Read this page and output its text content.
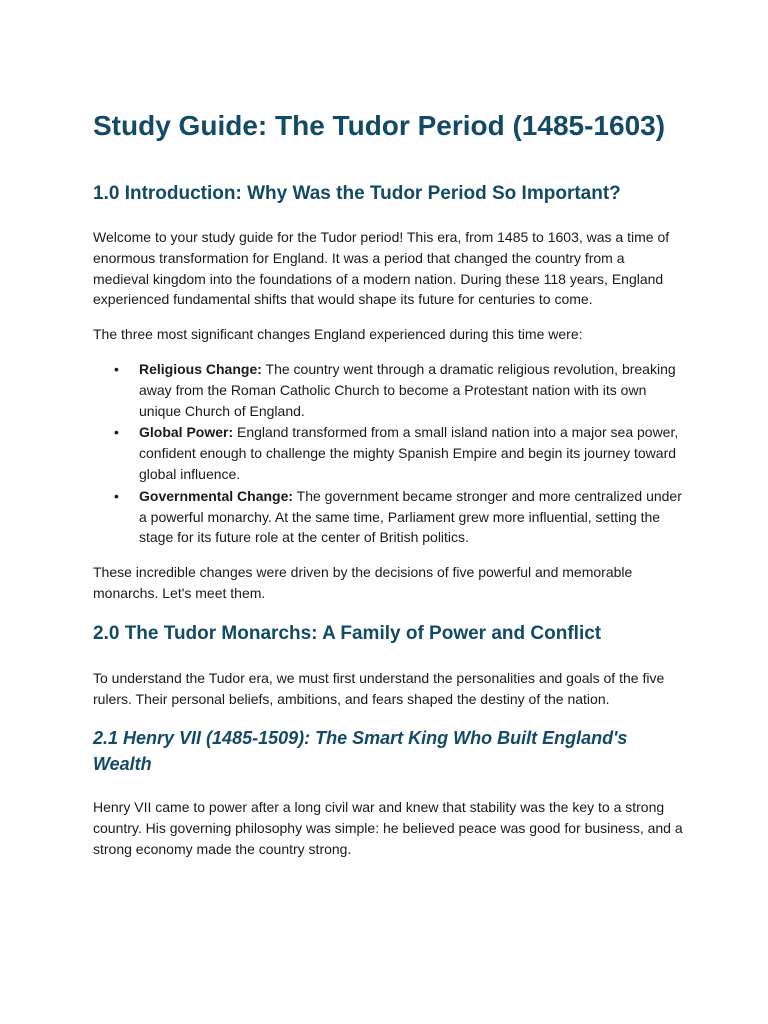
Study Guide: The Tudor Period (1485-1603)
1.0 Introduction: Why Was the Tudor Period So Important?

Welcome to your study guide for the Tudor period! This era, from 1485 to 1603, was a time of enormous transformation for England. It was a period that changed the country from a medieval kingdom into the foundations of a modern nation. During these 118 years, England experienced fundamental shifts that would shape its future for centuries to come.

The three most significant changes England experienced during this time were:

• Religious Change: The country went through a dramatic religious revolution, breaking away from the Roman Catholic Church to become a Protestant nation with its own unique Church of England.
• Global Power: England transformed from a small island nation into a major sea power, confident enough to challenge the mighty Spanish Empire and begin its journey toward global influence.
• Governmental Change: The government became stronger and more centralized under a powerful monarchy. At the same time, Parliament grew more influential, setting the stage for its future role at the center of British politics.

These incredible changes were driven by the decisions of five powerful and memorable monarchs. Let's meet them.

2.0 The Tudor Monarchs: A Family of Power and Conflict

To understand the Tudor era, we must first understand the personalities and goals of the five rulers. Their personal beliefs, ambitions, and fears shaped the destiny of the nation.

2.1 Henry VII (1485-1509): The Smart King Who Built England's Wealth

Henry VII came to power after a long civil war and knew that stability was the key to a strong country. His governing philosophy was simple: he believed peace was good for business, and a strong economy made the country strong.
